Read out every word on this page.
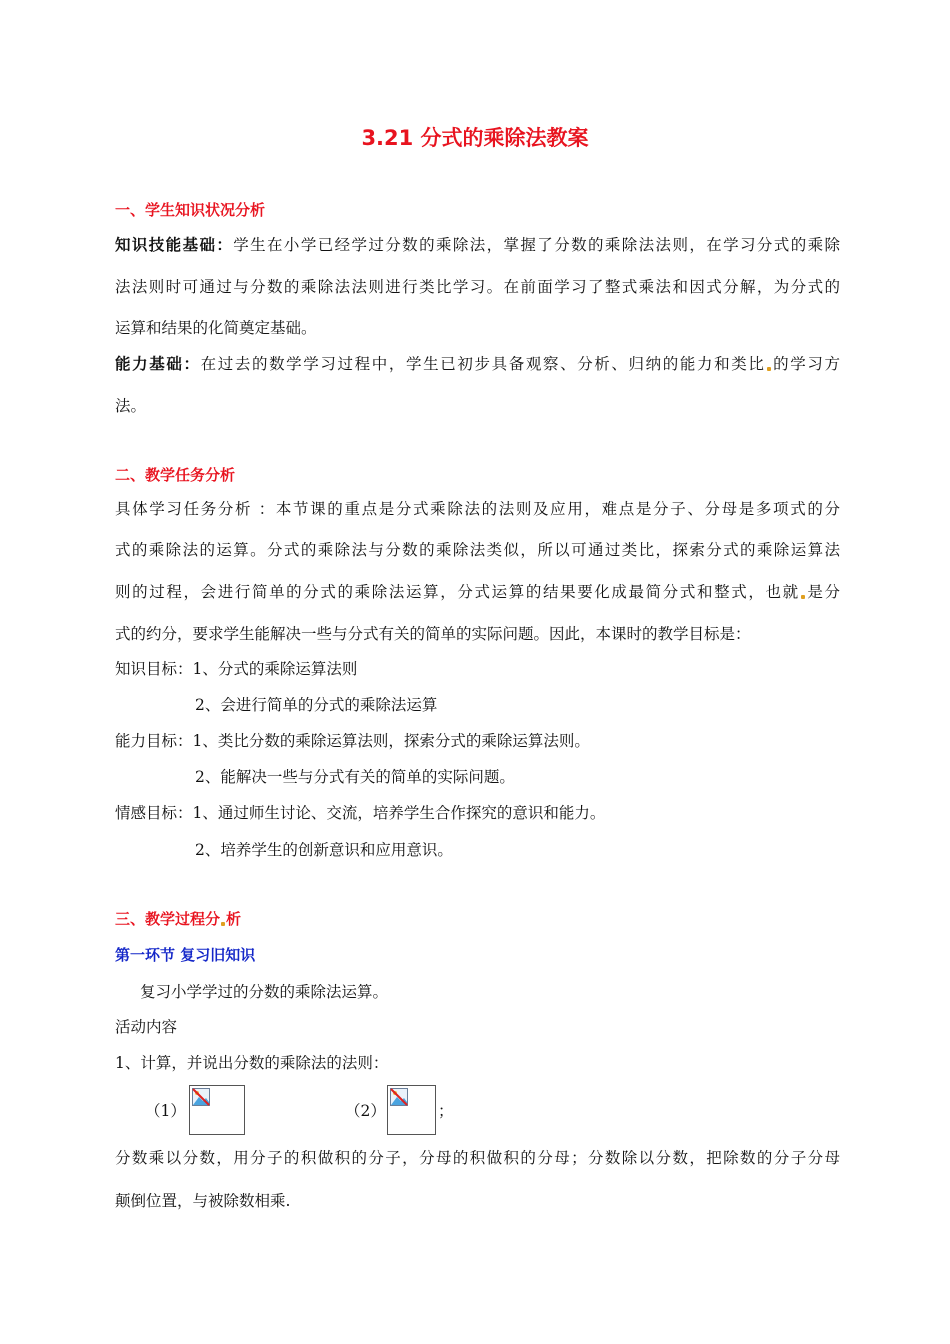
3.21 分式的乘除法教案
一、学生知识状况分析
知识技能基础：学生在小学已经学过分数的乘除法，掌握了分数的乘除法法则，在学习分式的乘除
法法则时可通过与分数的乘除法法则进行类比学习。在前面学习了整式乘法和因式分解，为分式的
运算和结果的化简奠定基础。
能力基础：在过去的数学学习过程中，学生已初步具备观察、分析、归纳的能力和类比 的学习方
法。
二、教学任务分析
具体学习任务分析 ：本节课的重点是分式乘除法的法则及应用，难点是分子、分母是多项式的分
式的乘除法的运算。分式的乘除法与分数的乘除法类似，所以可通过类比，探索分式的乘除运算法
则的过程，会进行简单的分式的乘除法运算，分式运算的结果要化成最简分式和整式，也就 是分
式的约分，要求学生能解决一些与分式有关的简单的实际问题。因此，本课时的教学目标是：
知识目标：1、分式的乘除运算法则
2、会进行简单的分式的乘除法运算
能力目标：1、类比分数的乘除运算法则，探索分式的乘除运算法则。
2、能解决一些与分式有关的简单的实际问题。
情感目标：1、通过师生讨论、交流，培养学生合作探究的意识和能力。
2、培养学生的创新意识和应用意识。
三、教学过程分 析
第一环节 复习旧知识
复习小学学过的分数的乘除法运算。
活动内容
1、计算，并说出分数的乘除法的法则：
（1）	（2）	；
分数乘以分数，用分子的积做积的分子，分母的积做积的分母；分数除以分数，把除数的分子分母
颠倒位置，与被除数相乘.
